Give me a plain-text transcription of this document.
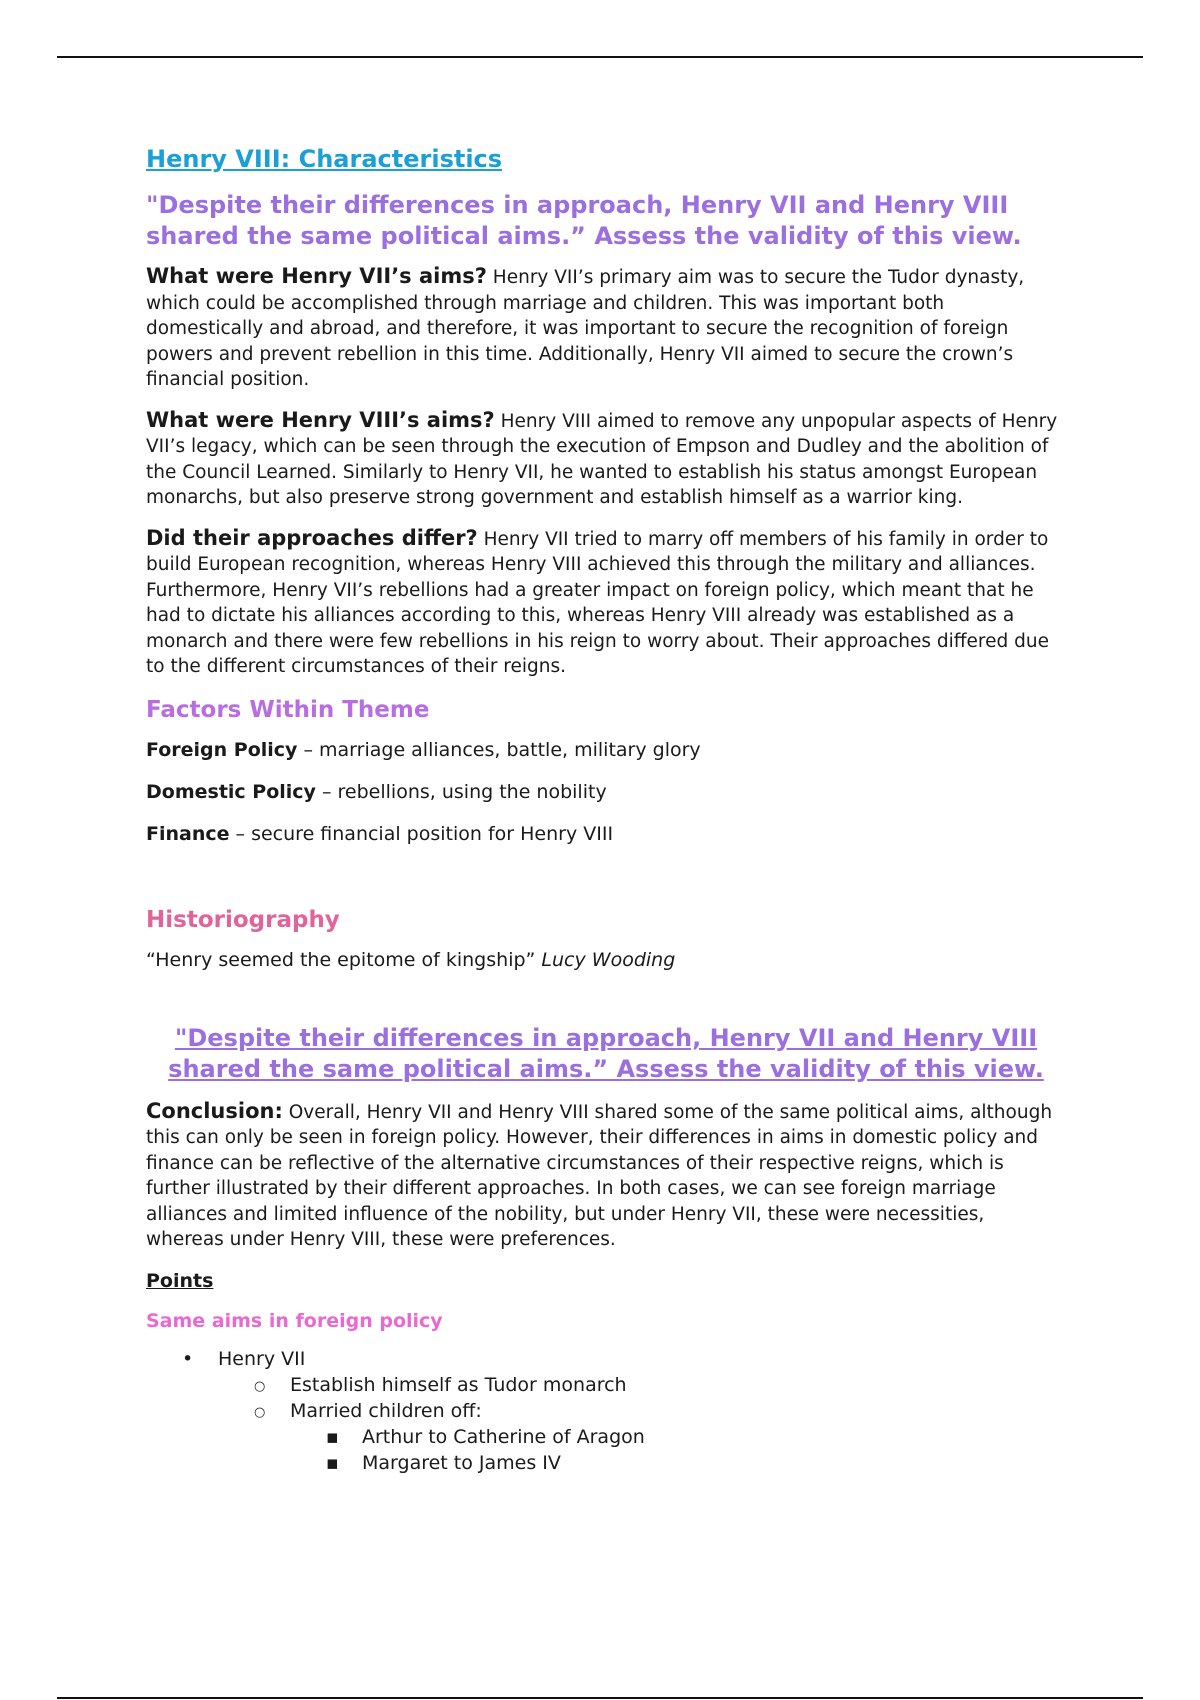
Henry VIII: Characteristics
"Despite their differences in approach, Henry VII and Henry VIII shared the same political aims.” Assess the validity of this view.

What were Henry VII’s aims? Henry VII’s primary aim was to secure the Tudor dynasty, which could be accomplished through marriage and children. This was important both domestically and abroad, and therefore, it was important to secure the recognition of foreign powers and prevent rebellion in this time. Additionally, Henry VII aimed to secure the crown’s financial position.

What were Henry VIII’s aims? Henry VIII aimed to remove any unpopular aspects of Henry VII’s legacy, which can be seen through the execution of Empson and Dudley and the abolition of the Council Learned. Similarly to Henry VII, he wanted to establish his status amongst European monarchs, but also preserve strong government and establish himself as a warrior king.

Did their approaches differ? Henry VII tried to marry off members of his family in order to build European recognition, whereas Henry VIII achieved this through the military and alliances. Furthermore, Henry VII’s rebellions had a greater impact on foreign policy, which meant that he had to dictate his alliances according to this, whereas Henry VIII already was established as a monarch and there were few rebellions in his reign to worry about. Their approaches differed due to the different circumstances of their reigns.

Factors Within Theme

Foreign Policy – marriage alliances, battle, military glory

Domestic Policy – rebellions, using the nobility

Finance – secure financial position for Henry VIII

Historiography

“Henry seemed the epitome of kingship” Lucy Wooding

"Despite their differences in approach, Henry VII and Henry VIII shared the same political aims.” Assess the validity of this view.

Conclusion: Overall, Henry VII and Henry VIII shared some of the same political aims, although this can only be seen in foreign policy. However, their differences in aims in domestic policy and finance can be reflective of the alternative circumstances of their respective reigns, which is further illustrated by their different approaches. In both cases, we can see foreign marriage alliances and limited influence of the nobility, but under Henry VII, these were necessities, whereas under Henry VIII, these were preferences.

Points
Same aims in foreign policy
• Henry VII
○ Establish himself as Tudor monarch
○ Married children off:
▪ Arthur to Catherine of Aragon
▪ Margaret to James IV
